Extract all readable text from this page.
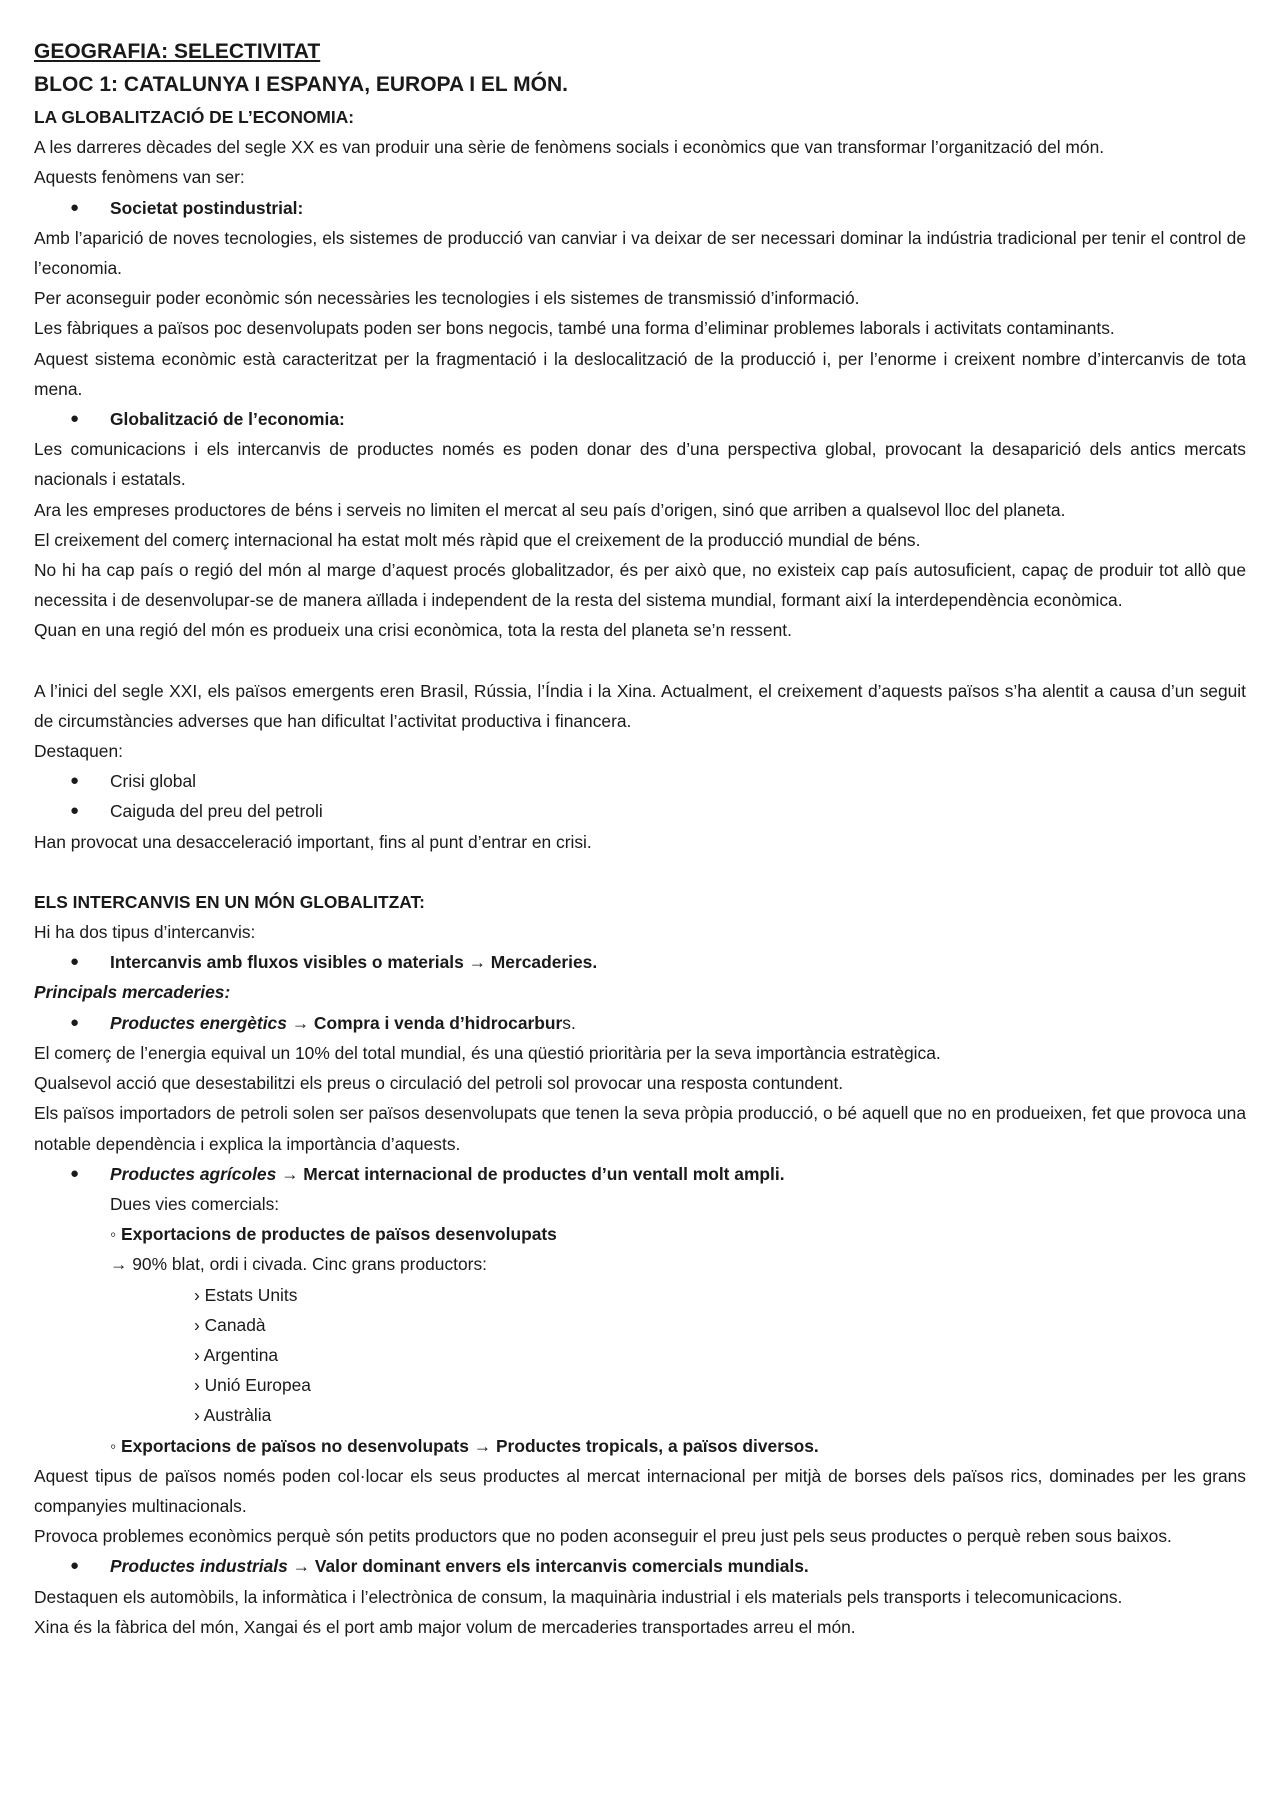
GEOGRAFIA: SELECTIVITAT
BLOC 1: CATALUNYA I ESPANYA, EUROPA I EL MÓN.
LA GLOBALITZACIÓ DE L’ECONOMIA:

A les darreres dècades del segle XX es van produir una sèrie de fenòmens socials i econòmics que van transformar l’organització del món.

Aquests fenòmens van ser:

● Societat postindustrial:

Amb l’aparició de noves tecnologies, els sistemes de producció van canviar i va deixar de ser necessari dominar la indústria tradicional per tenir el control de l’economia.

Per aconseguir poder econòmic són necessàries les tecnologies i els sistemes de transmissió d’informació.

Les fàbriques a països poc desenvolupats poden ser bons negocis, també una forma d’eliminar problemes laborals i activitats contaminants.

Aquest sistema econòmic està caracteritzat per la fragmentació i la deslocalització de la producció i, per l’enorme i creixent nombre d’intercanvis de tota mena.

● Globalització de l’economia:

Les comunicacions i els intercanvis de productes només es poden donar des d’una perspectiva global, provocant la desaparició dels antics mercats nacionals i estatals.

Ara les empreses productores de béns i serveis no limiten el mercat al seu país d’origen, sinó que arriben a qualsevol lloc del planeta.

El creixement del comerç internacional ha estat molt més ràpid que el creixement de la producció mundial de béns.

No hi ha cap país o regió del món al marge d’aquest procés globalitzador, és per això que, no existeix cap país autosuficient, capaç de produir tot allò que necessita i de desenvolupar-se de manera aïllada i independent de la resta del sistema mundial, formant així la interdependència econòmica.

Quan en una regió del món es produeix una crisi econòmica, tota la resta del planeta se’n ressent.

A l’inici del segle XXI, els països emergents eren Brasil, Rússia, l’Índia i la Xina. Actualment, el creixement d’aquests països s’ha alentit a causa d’un seguit de circumstàncies adverses que han dificultat l’activitat productiva i financera.

Destaquen:

● Crisi global
● Caiguda del preu del petroli

Han provocat una desacceleració important, fins al punt d’entrar en crisi.

ELS INTERCANVIS EN UN MÓN GLOBALITZAT:

Hi ha dos tipus d’intercanvis:

● Intercanvis amb fluxos visibles o materials → Mercaderies.

Principals mercaderies:

● Productes energètics → Compra i venda d’hidrocarburs.

El comerç de l’energia equival un 10% del total mundial, és una qüestió prioritària per la seva importància estratègica.

Qualsevol acció que desestabilitzi els preus o circulació del petroli sol provocar una resposta contundent.

Els països importadors de petroli solen ser països desenvolupats que tenen la seva pròpia producció, o bé aquell que no en produeixen, fet que provoca una notable dependència i explica la importància d’aquests.

● Productes agrícoles → Mercat internacional de productes d’un ventall molt ampli.

Dues vies comercials:

◦ Exportacions de productes de països desenvolupats

→ 90% blat, ordi i civada. Cinc grans productors:

› Estats Units

› Canadà

› Argentina

› Unió Europea

› Austràlia

◦ Exportacions de països no desenvolupats → Productes tropicals, a països diversos.

Aquest tipus de països només poden col·locar els seus productes al mercat internacional per mitjà de borses dels països rics, dominades per les grans companyies multinacionals.

Provoca problemes econòmics perquè són petits productors que no poden aconseguir el preu just pels seus productes o perquè reben sous baixos.

● Productes industrials → Valor dominant envers els intercanvis comercials mundials.

Destaquen els automòbils, la informàtica i l’electrònica de consum, la maquinària industrial i els materials pels transports i telecomunicacions.

Xina és la fàbrica del món, Xangai és el port amb major volum de mercaderies transportades arreu el món.
